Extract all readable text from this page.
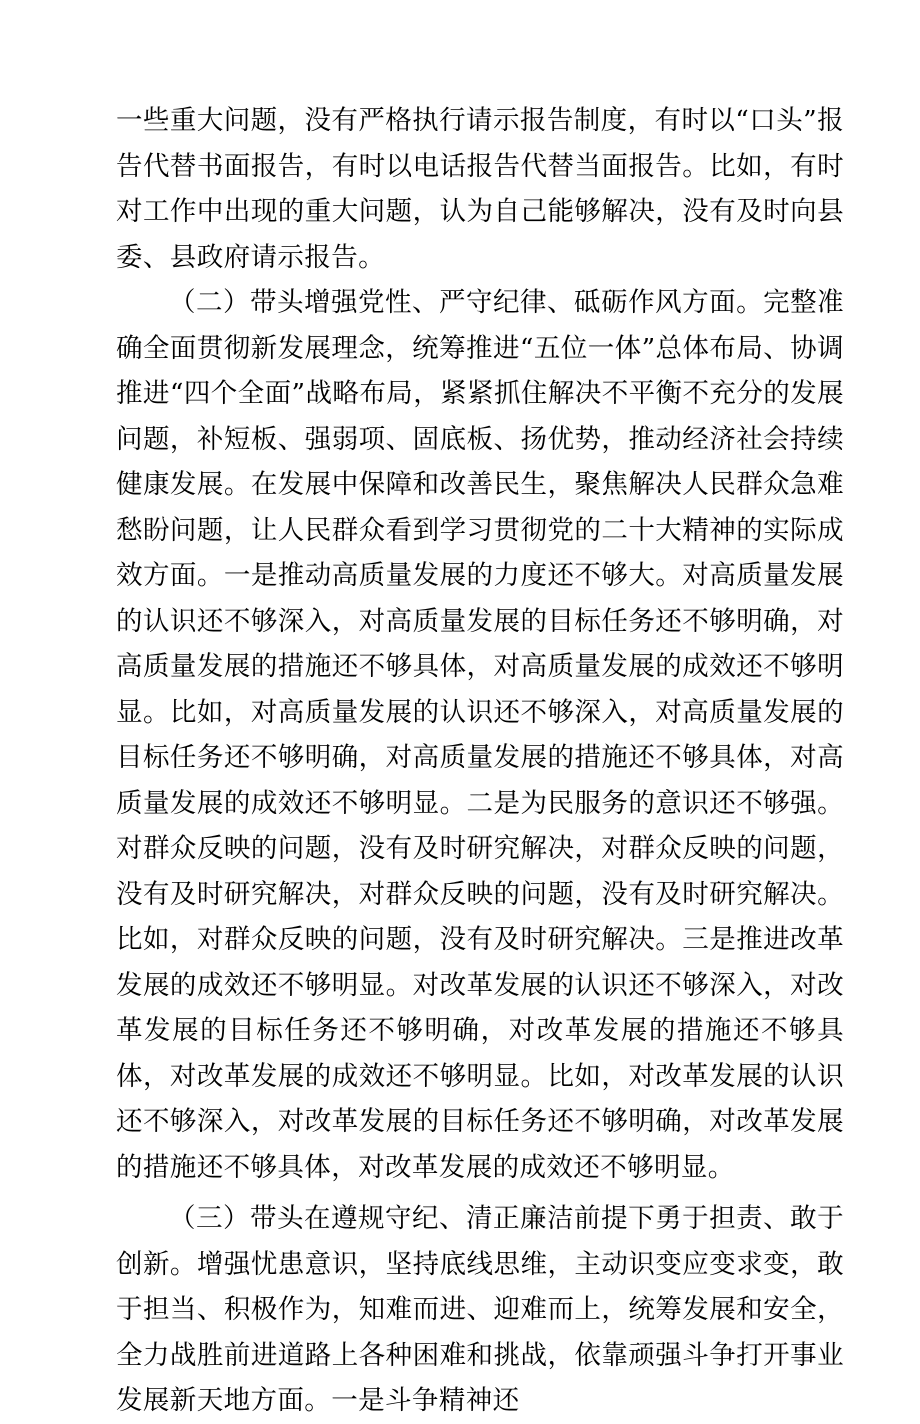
一些重大问题，没有严格执行请示报告制度，有时以“口头”报告代替书面报告，有时以电话报告代替当面报告。比如，有时对工作中出现的重大问题，认为自己能够解决，没有及时向县委、县政府请示报告。

（二）带头增强党性、严守纪律、砥砺作风方面。完整准确全面贯彻新发展理念，统筹推进“五位一体”总体布局、协调推进“四个全面”战略布局，紧紧抓住解决不平衡不充分的发展问题，补短板、强弱项、固底板、扬优势，推动经济社会持续健康发展。在发展中保障和改善民生，聚焦解决人民群众急难愁盼问题，让人民群众看到学习贯彻党的二十大精神的实际成效方面。一是推动高质量发展的力度还不够大。对高质量发展的认识还不够深入，对高质量发展的目标任务还不够明确，对高质量发展的措施还不够具体，对高质量发展的成效还不够明显。比如，对高质量发展的认识还不够深入，对高质量发展的目标任务还不够明确，对高质量发展的措施还不够具体，对高质量发展的成效还不够明显。二是为民服务的意识还不够强。对群众反映的问题，没有及时研究解决，对群众反映的问题，没有及时研究解决，对群众反映的问题，没有及时研究解决。比如，对群众反映的问题，没有及时研究解决。三是推进改革发展的成效还不够明显。对改革发展的认识还不够深入，对改革发展的目标任务还不够明确，对改革发展的措施还不够具体，对改革发展的成效还不够明显。比如，对改革发展的认识还不够深入，对改革发展的目标任务还不够明确，对改革发展的措施还不够具体，对改革发展的成效还不够明显。

（三）带头在遵规守纪、清正廉洁前提下勇于担责、敢于创新。增强忧患意识，坚持底线思维，主动识变应变求变，敢于担当、积极作为，知难而进、迎难而上，统筹发展和安全，全力战胜前进道路上各种困难和挑战，依靠顽强斗争打开事业发展新天地方面。一是斗争精神还
